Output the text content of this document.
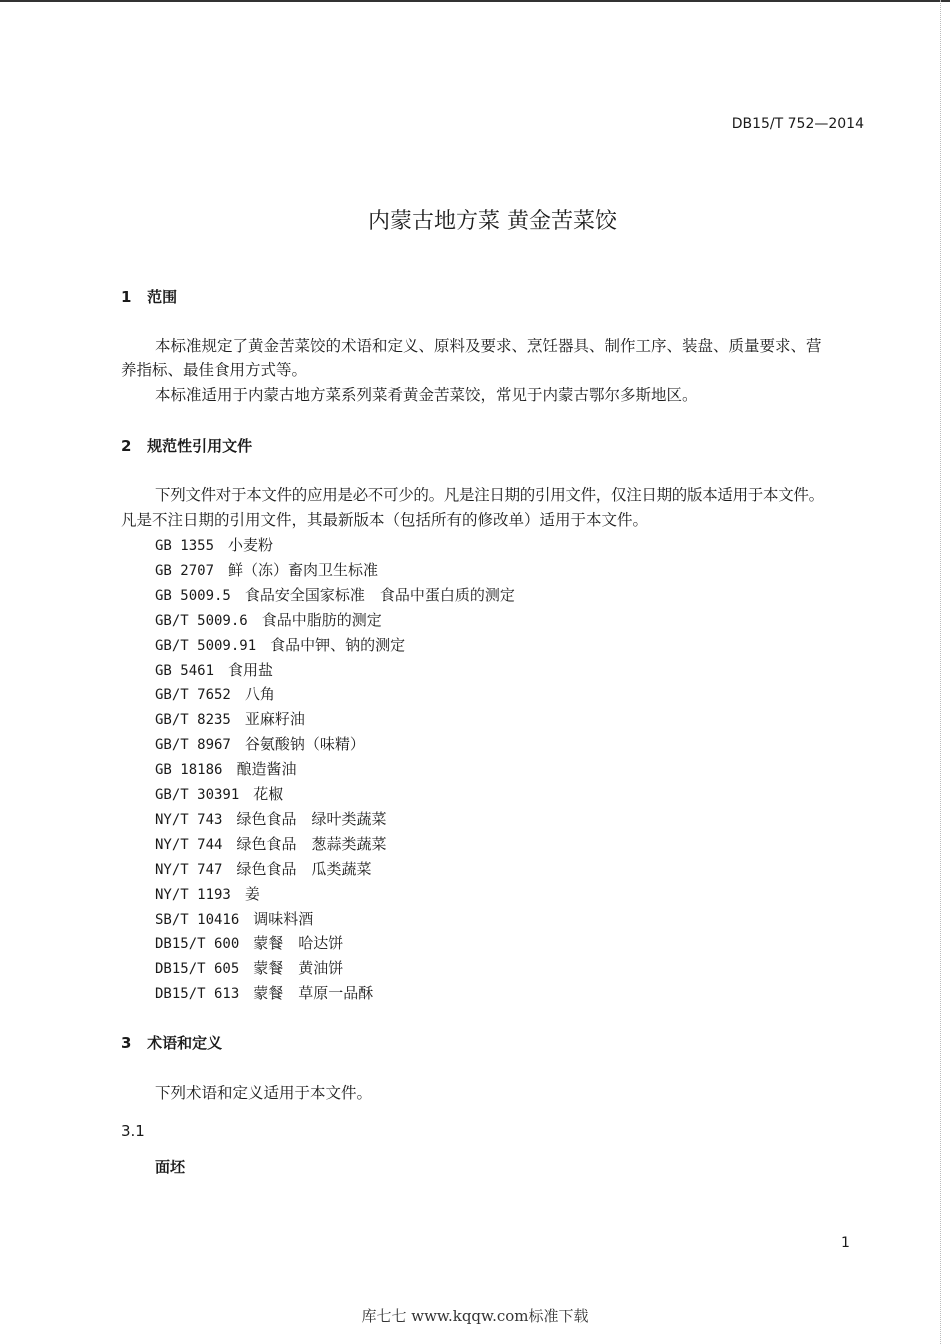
DB15/T 752—2014
内蒙古地方菜 黄金苦菜饺
1 范围
本标准规定了黄金苦菜饺的术语和定义、原料及要求、烹饪器具、制作工序、装盘、质量要求、营
养指标、最佳食用方式等。
本标准适用于内蒙古地方菜系列菜肴黄金苦菜饺，常见于内蒙古鄂尔多斯地区。
2 规范性引用文件
下列文件对于本文件的应用是必不可少的。凡是注日期的引用文件，仅注日期的版本适用于本文件。
凡是不注日期的引用文件，其最新版本（包括所有的修改单）适用于本文件。
GB 1355 小麦粉
GB 2707 鲜（冻）畜肉卫生标准
GB 5009.5 食品安全国家标准　食品中蛋白质的测定
GB/T 5009.6 食品中脂肪的测定
GB/T 5009.91 食品中钾、钠的测定
GB 5461 食用盐
GB/T 7652 八角
GB/T 8235 亚麻籽油
GB/T 8967 谷氨酸钠（味精）
GB 18186 酿造酱油
GB/T 30391 花椒
NY/T 743 绿色食品　绿叶类蔬菜
NY/T 744 绿色食品　葱蒜类蔬菜
NY/T 747 绿色食品　瓜类蔬菜
NY/T 1193 姜
SB/T 10416 调味料酒
DB15/T 600 蒙餐　哈达饼
DB15/T 605 蒙餐　黄油饼
DB15/T 613 蒙餐　草原一品酥
3 术语和定义
下列术语和定义适用于本文件。
3.1
面坯
1
库七七 www.kqqw.com标准下载
